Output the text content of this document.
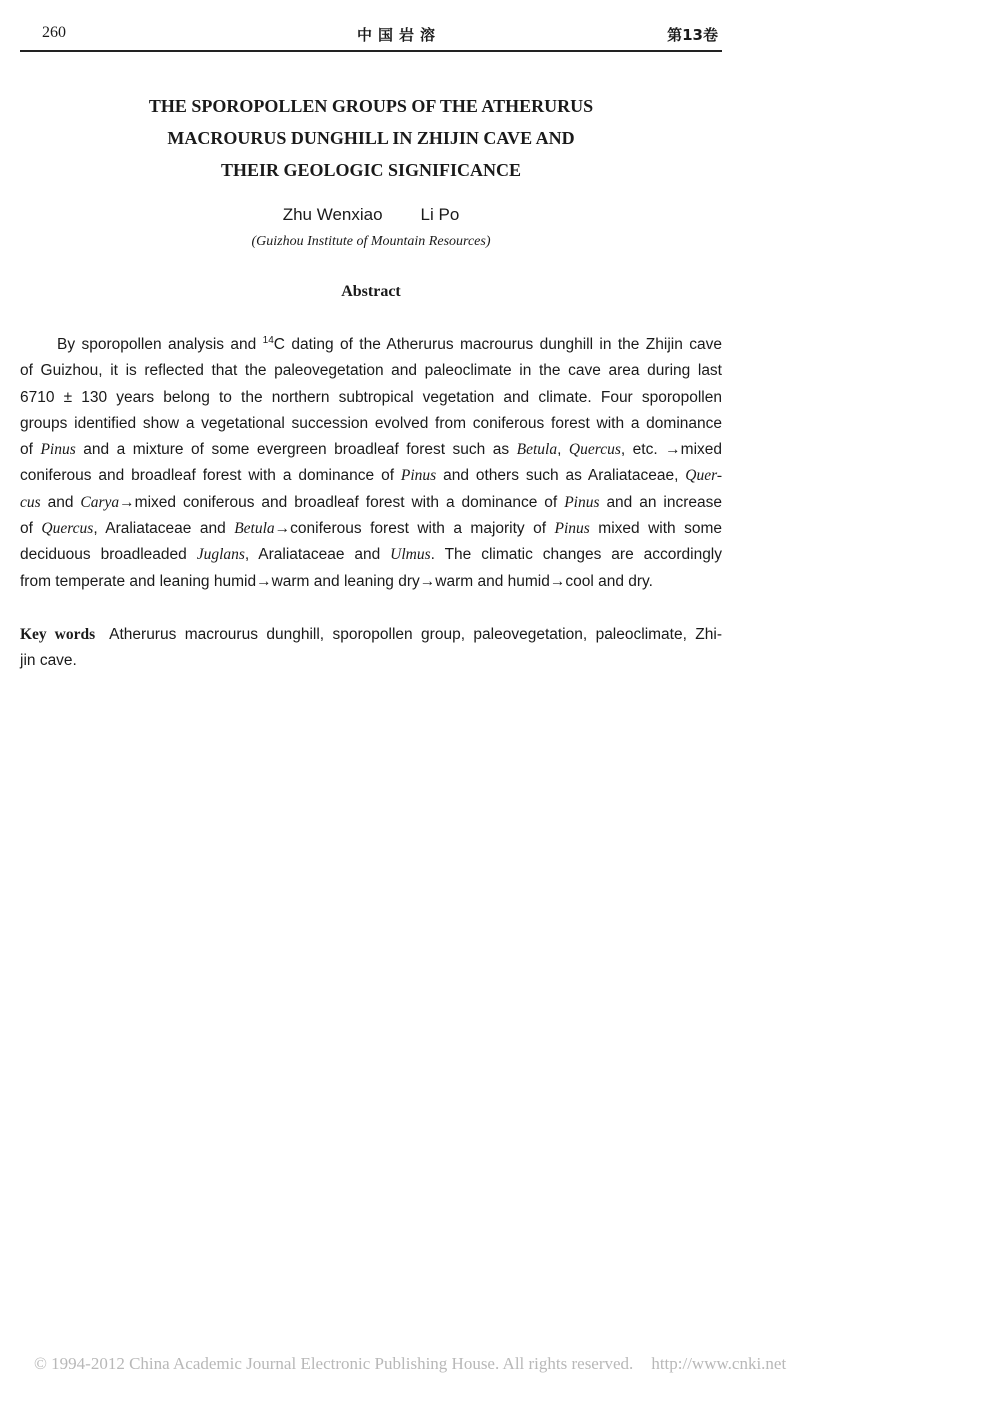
260	中国岩溶	第13卷
THE SPOROPOLLEN GROUPS OF THE ATHERURUS
MACROURUS DUNGHILL IN ZHIJIN CAVE AND
THEIR GEOLOGIC SIGNIFICANCE
Zhu Wenxiao Li Po
(Guizhou Institute of Mountain Resources)
Abstract
By sporopollen analysis and $^{14}$C dating of the Atherurus macrourus dunghill in the Zhijin cave
of Guizhou, it is reflected that the paleovegetation and paleoclimate in the cave area during last
6710 ± 130 years belong to the northern subtropical vegetation and climate. Four sporopollen
groups identified show a vegetational succession evolved from coniferous forest with a dominance
of Pinus and a mixture of some evergreen broadleaf forest such as Betula, Quercus, etc. →mixed
coniferous and broadleaf forest with a dominance of Pinus and others such as Araliataceae, Quer-
cus and Carya→mixed coniferous and broadleaf forest with a dominance of Pinus and an increase
of Quercus, Araliataceae and Betula→coniferous forest with a majority of Pinus mixed with some
deciduous broadleaded Juglans, Araliataceae and Ulmus. The climatic changes are accordingly
from temperate and leaning humid→warm and leaning dry→warm and humid→cool and dry.
Key words Atherurus macrourus dunghill, sporopollen group, paleovegetation, paleoclimate, Zhi-
jin cave.
© 1994-2012 China Academic Journal Electronic Publishing House. All rights reserved. http://www.cnki.net
